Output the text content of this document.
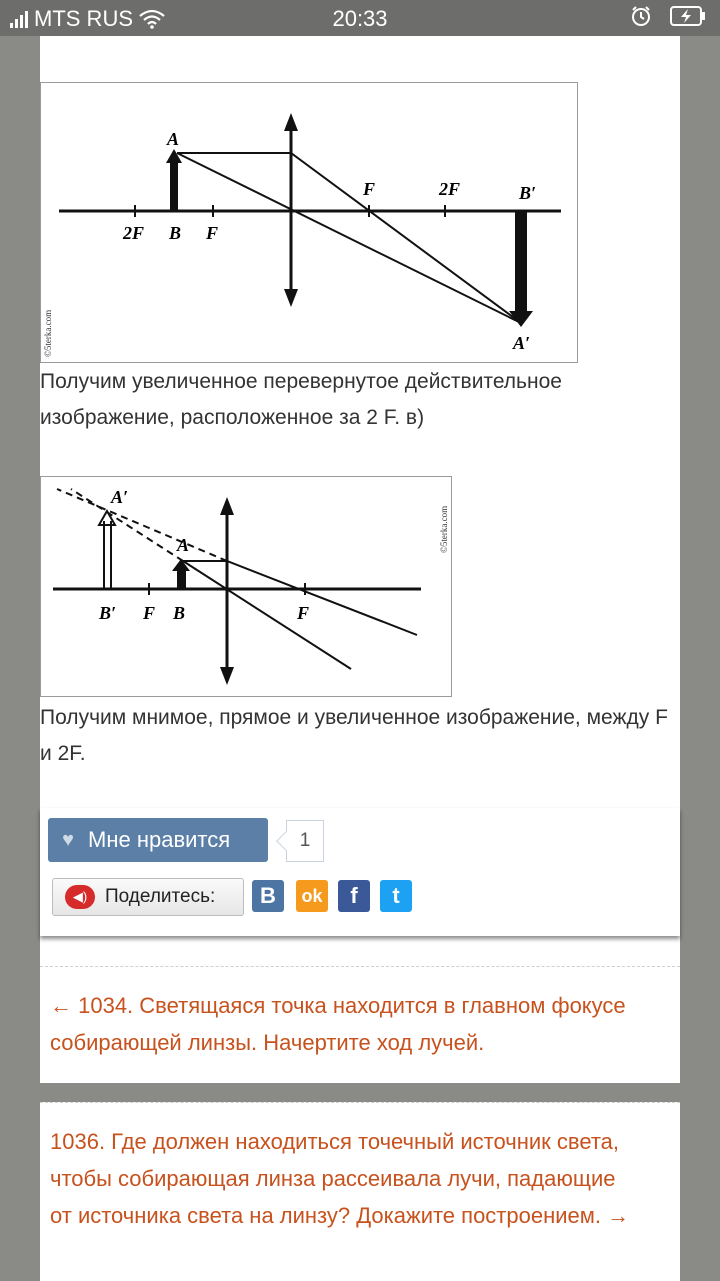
MTS RUS	20:33
A
F	2F	B′
2F B F
A′
©5terka.com
Получим увеличенное перевернутое действительное изображение, расположенное за 2 F. в)
A′
A
B′ F B	F
©5terka.com
Получим мнимое, прямое и увеличенное изображение, между F и 2F.
♥ Мне нравится	1
◀) Поделитесь:	B	ok	f	t
← 1034. Светящаяся точка находится в главном фокусе собирающей линзы. Начертите ход лучей.
1036. Где должен находиться точечный источник света, чтобы собирающая линза рассеивала лучи, падающие от источника света на линзу? Докажите построением. →
